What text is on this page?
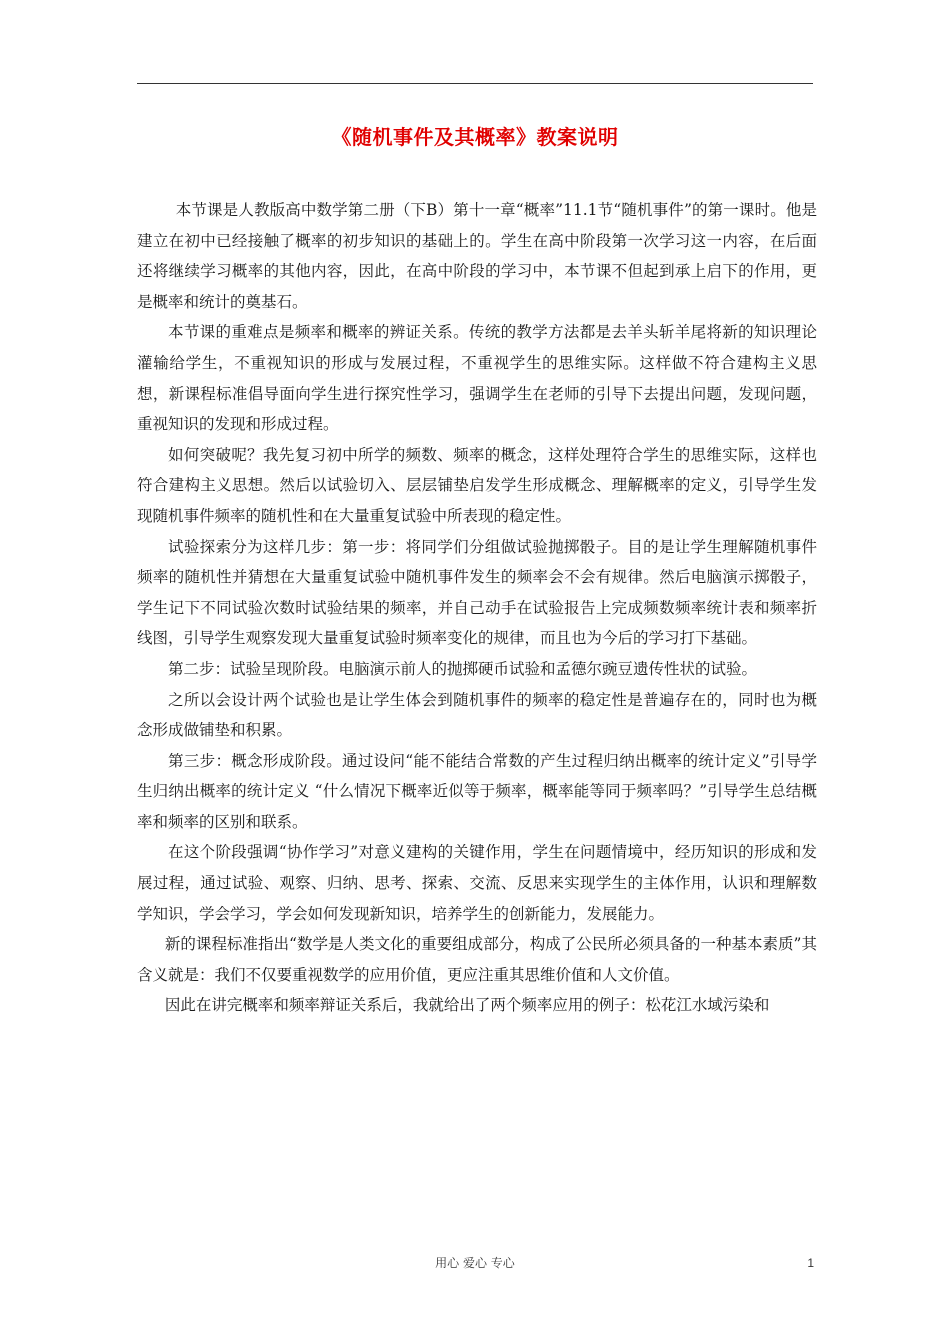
《随机事件及其概率》教案说明

本节课是人教版高中数学第二册（下B）第十一章“概率”11.1节“随机事件”的第一课时。他是建立在初中已经接触了概率的初步知识的基础上的。学生在高中阶段第一次学习这一内容，在后面还将继续学习概率的其他内容，因此，在高中阶段的学习中，本节课不但起到承上启下的作用，更是概率和统计的奠基石。

本节课的重难点是频率和概率的辨证关系。传统的教学方法都是去羊头斩羊尾将新的知识理论灌输给学生，不重视知识的形成与发展过程，不重视学生的思维实际。这样做不符合建构主义思想，新课程标准倡导面向学生进行探究性学习，强调学生在老师的引导下去提出问题，发现问题，重视知识的发现和形成过程。

如何突破呢？我先复习初中所学的频数、频率的概念，这样处理符合学生的思维实际，这样也符合建构主义思想。然后以试验切入、层层铺垫启发学生形成概念、理解概率的定义，引导学生发现随机事件频率的随机性和在大量重复试验中所表现的稳定性。

试验探索分为这样几步：第一步：将同学们分组做试验抛掷骰子。目的是让学生理解随机事件频率的随机性并猜想在大量重复试验中随机事件发生的频率会不会有规律。然后电脑演示掷骰子，学生记下不同试验次数时试验结果的频率，并自己动手在试验报告上完成频数频率统计表和频率折线图，引导学生观察发现大量重复试验时频率变化的规律，而且也为今后的学习打下基础。

第二步：试验呈现阶段。电脑演示前人的抛掷硬币试验和孟德尔豌豆遗传性状的试验。

之所以会设计两个试验也是让学生体会到随机事件的频率的稳定性是普遍存在的，同时也为概念形成做铺垫和积累。

第三步：概念形成阶段。通过设问“能不能结合常数的产生过程归纳出概率的统计定义”引导学生归纳出概率的统计定义 “什么情况下概率近似等于频率，概率能等同于频率吗？”引导学生总结概率和频率的区别和联系。

在这个阶段强调“协作学习”对意义建构的关键作用，学生在问题情境中，经历知识的形成和发展过程，通过试验、观察、归纳、思考、探索、交流、反思来实现学生的主体作用，认识和理解数学知识，学会学习，学会如何发现新知识，培养学生的创新能力，发展能力。

新的课程标准指出“数学是人类文化的重要组成部分，构成了公民所必须具备的一种基本素质”其含义就是：我们不仅要重视数学的应用价值，更应注重其思维价值和人文价值。

因此在讲完概率和频率辩证关系后，我就给出了两个频率应用的例子：松花江水域污染和

用心 爱心 专心	1
